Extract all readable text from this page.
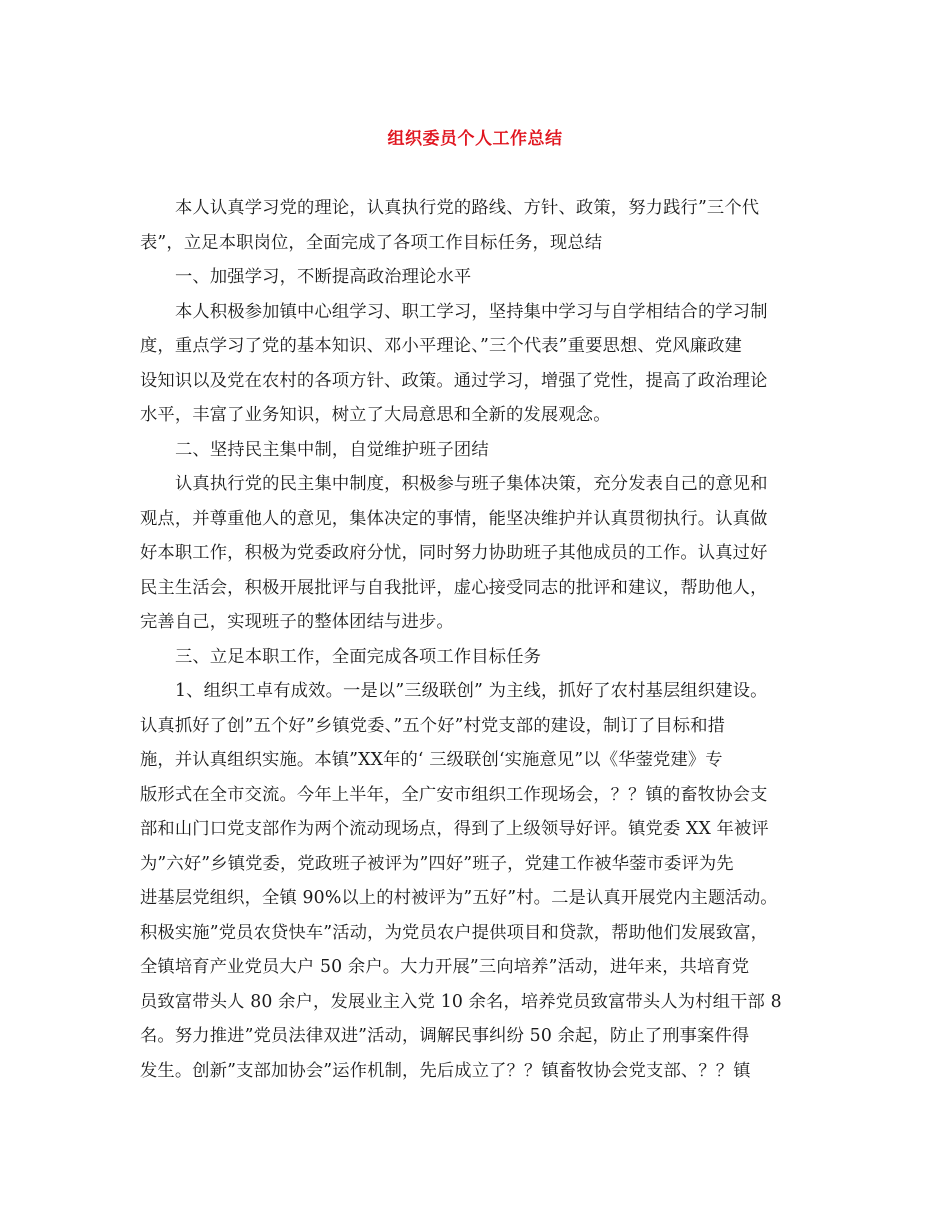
组织委员个人工作总结
本人认真学习党的理论，认真执行党的路线、方针、政策，努力践行”三个代
表”，立足本职岗位，全面完成了各项工作目标任务，现总结
一、加强学习，不断提高政治理论水平
本人积极参加镇中心组学习、职工学习，坚持集中学习与自学相结合的学习制
度，重点学习了党的基本知识、邓小平理论、”三个代表”重要思想、党风廉政建
设知识以及党在农村的各项方针、政策。通过学习，增强了党性，提高了政治理论
水平，丰富了业务知识，树立了大局意思和全新的发展观念。
二、坚持民主集中制，自觉维护班子团结
认真执行党的民主集中制度，积极参与班子集体决策，充分发表自己的意见和
观点，并尊重他人的意见，集体决定的事情，能坚决维护并认真贯彻执行。认真做
好本职工作，积极为党委政府分忧，同时努力协助班子其他成员的工作。认真过好
民主生活会，积极开展批评与自我批评，虚心接受同志的批评和建议，帮助他人，
完善自己，实现班子的整体团结与进步。
三、立足本职工作，全面完成各项工作目标任务
1、组织工卓有成效。一是以”三级联创” 为主线，抓好了农村基层组织建设。
认真抓好了创”五个好”乡镇党委、”五个好”村党支部的建设，制订了目标和措
施，并认真组织实施。本镇”XX年的‘ 三级联创‘实施意见”以《华蓥党建》专
版形式在全市交流。今年上半年，全广安市组织工作现场会，？？镇的畜牧协会支
部和山门口党支部作为两个流动现场点，得到了上级领导好评。镇党委 XX 年被评
为”六好”乡镇党委，党政班子被评为”四好”班子，党建工作被华蓥市委评为先
进基层党组织，全镇 90%以上的村被评为”五好”村。二是认真开展党内主题活动。
积极实施”党员农贷快车”活动，为党员农户提供项目和贷款，帮助他们发展致富，
全镇培育产业党员大户 50 余户。大力开展”三向培养”活动，进年来，共培育党
员致富带头人 80 余户，发展业主入党 10 余名，培养党员致富带头人为村组干部 8
名。努力推进”党员法律双进”活动，调解民事纠纷 50 余起，防止了刑事案件得
发生。创新”支部加协会”运作机制，先后成立了？？镇畜牧协会党支部、？？镇
